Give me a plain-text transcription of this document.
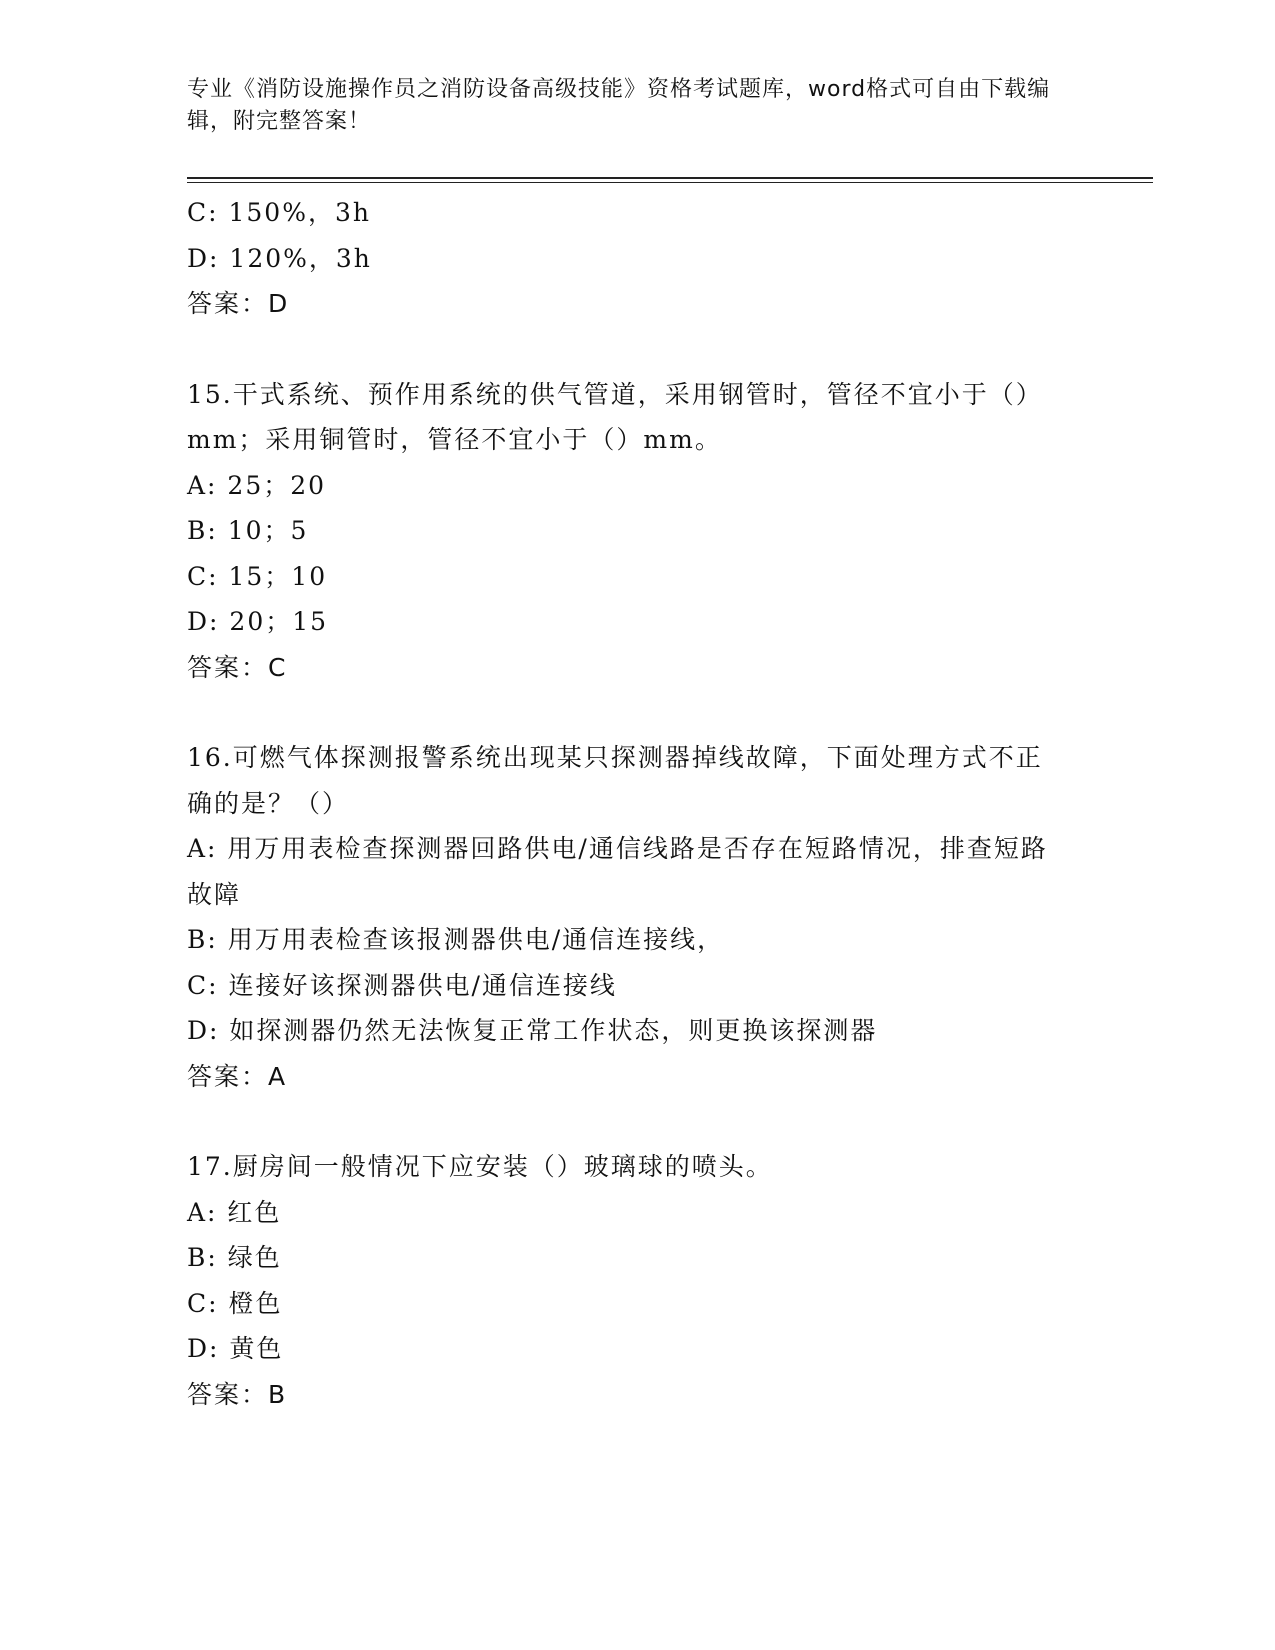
专业《消防设施操作员之消防设备高级技能》资格考试题库，word格式可自由下载编辑，附完整答案！
C: 150%，3h
D: 120%，3h
答案：D
15.干式系统、预作用系统的供气管道，采用钢管时，管径不宜小于（）mm；采用铜管时，管径不宜小于（）mm。
A: 25；20
B: 10；5
C: 15；10
D: 20；15
答案：C
16.可燃气体探测报警系统出现某只探测器掉线故障，下面处理方式不正确的是？（）
A: 用万用表检查探测器回路供电/通信线路是否存在短路情况，排查短路故障
B: 用万用表检查该报测器供电/通信连接线，
C: 连接好该探测器供电/通信连接线
D: 如探测器仍然无法恢复正常工作状态，则更换该探测器
答案：A
17.厨房间一般情况下应安装（）玻璃球的喷头。
A: 红色
B: 绿色
C: 橙色
D: 黄色
答案：B
